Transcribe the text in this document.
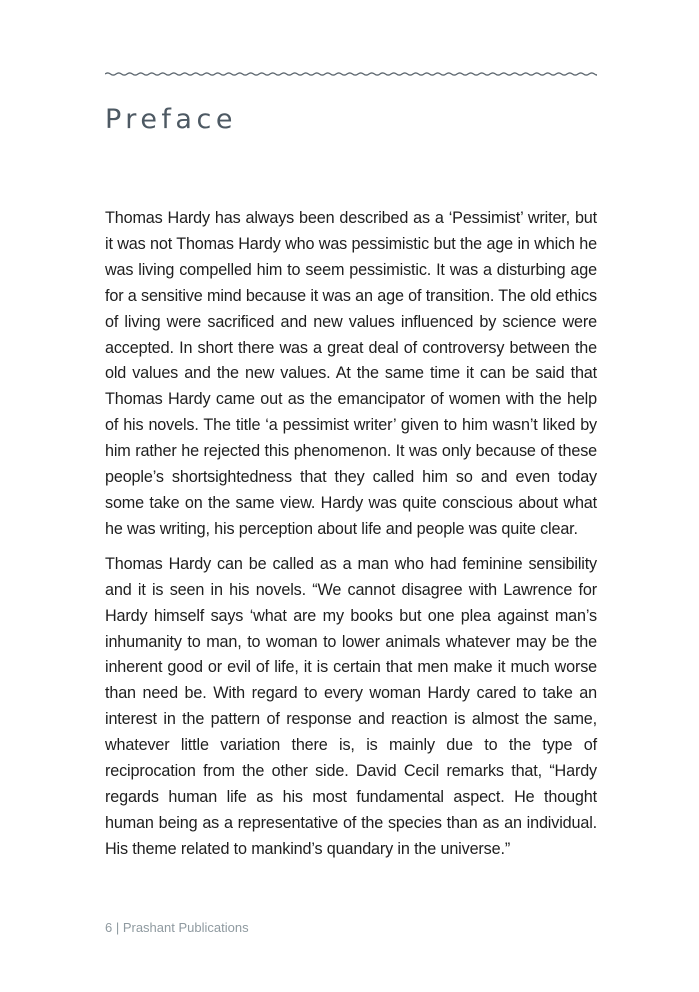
Preface

Thomas Hardy has always been described as a ‘Pessimist’ writer, but it was not Thomas Hardy who was pessimistic but the age in which he was living compelled him to seem pessimistic. It was a disturbing age for a sensitive mind because it was an age of transition. The old ethics of living were sacrificed and new values influenced by science were accepted. In short there was a great deal of controversy between the old values and the new values. At the same time it can be said that Thomas Hardy came out as the emancipator of women with the help of his novels. The title ‘a pessimist writer’ given to him wasn’t liked by him rather he rejected this phenomenon. It was only because of these people’s shortsightedness that they called him so and even today some take on the same view. Hardy was quite conscious about what he was writing, his perception about life and people was quite clear.

Thomas Hardy can be called as a man who had feminine sensibility and it is seen in his novels. “We cannot disagree with Lawrence for Hardy himself says ‘what are my books but one plea against man’s inhumanity to man, to woman to lower animals whatever may be the inherent good or evil of life, it is certain that men make it much worse than need be. With regard to every woman Hardy cared to take an interest in the pattern of response and reaction is almost the same, whatever little variation there is, is mainly due to the type of reciprocation from the other side. David Cecil remarks that, “Hardy regards human life as his most fundamental aspect. He thought human being as a representative of the species than as an individual. His theme related to mankind’s quandary in the universe.”

6 | Prashant Publications
